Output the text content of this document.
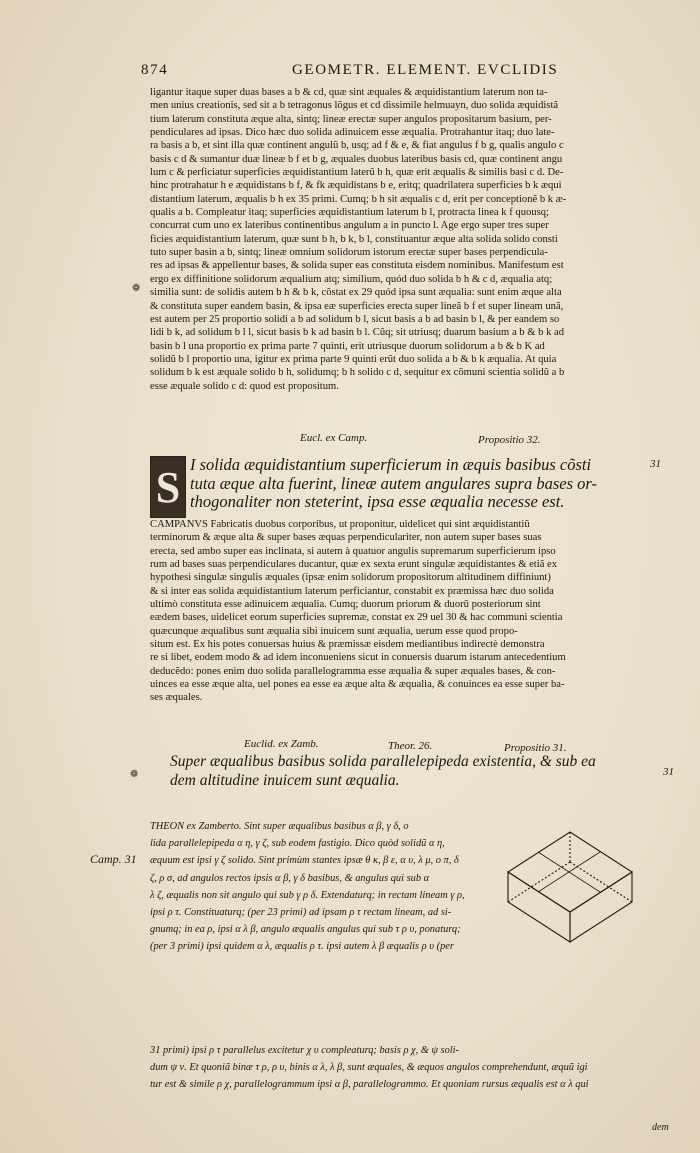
874	GEOMETR. ELEMENT. EVCLIDIS
ligantur itaque super duas bases a b & cd, quæ sint æquales & æquidistantium laterum non ta-
men unius creationis, sed sit a b tetragonus lõgus et cd dissimile helmuayn, duo solida æquidistã
tium laterum constituta æque alta, sintq; lineæ erectæ super angulos propositarum basium, per-
pendiculares ad ipsas. Dico hæc duo solida adinuicem esse æqualia. Protrahantur itaq; duo late-
ra basis a b, et sint illa quæ continent angulũ b, usq; ad f & e, & fiat angulus f b g, qualis angulo c
basis c d & sumantur duæ lineæ b f et b g, æquales duobus lateribus basis cd, quæ continent angu
lum c & perficiatur superficies æquidistantium laterũ b h, quæ erit æqualis & similis basi c d. De-
hinc protrahatur h e æquidistans b f, & fk æquidistans b e, eritq; quadrilatera superficies b k æqui
distantium laterum, æqualis b h ex 35 primi. Cumq; b h sit æqualis c d, erit per conceptionẽ b k æ-
qualis a b. Compleatur itaq; superficies æquidistantium laterum b l, protracta linea k f quousq;
concurrat cum uno ex lateribus continentibus angulum a in puncto l. Age ergo super tres super
ficies æquidistantium laterum, quæ sunt b h, b k, b l, constituantur æque alta solida solido consti
tuto super basin a b, sintq; lineæ omnium solidorum istorum erectæ super bases perpendicula-
res ad ipsas & appellentur bases, & solida super eas constituta eisdem nominibus. Manifestum est
ergo ex diffinitione solidorum æqualium atq; similium, quód duo solida b h & c d, æqualia atq;
similia sunt: de solidis autem b h & b k, cõstat ex 29 quód ipsa sunt æqualia: sunt enim æque alta
& constituta super eandem basin, & ipsa eæ superficies erecta super lineã b f et super lineam unã,
est autem per 25 proportio solidi a b ad solidum b l, sicut basis a b ad basin b l, & per eandem so
lidi b k, ad solidum b l l, sicut basis b k ad basin b l. Cũq; sit utriusq; duarum basium a b & b k ad
basin b l una proportio ex prima parte 7 quinti, erit utriusque duorum solidorum a b & b K ad
solidũ b l proportio una, igitur ex prima parte 9 quinti erũt duo solida a b & b k æqualia. At quia
solidum b k est æquale solido b h, solidumq; b h solido c d, sequitur ex cõmuni scientia solidũ a b
esse æquale solido c d: quod est propositum.
❁
Eucl. ex Camp.	Propositio 32.
31
S I solida æquidistantium superficierum in æquis basibus cõsti
tuta æque alta fuerint, lineæ autem angulares supra bases or-
thogonaliter non steterint, ipsa esse æqualia necesse est.
CAMPANVS Fabricatis duobus corporibus, ut proponitur, uidelicet qui sint æquidistantiũ
terminorum & æque alta & super bases æquas perpendiculariter, non autem super bases suas
erecta, sed ambo super eas inclinata, si autem à quatuor angulis supremarum superficierum ipso
rum ad bases suas perpendiculares ducantur, quæ ex sexta erunt singulæ æquidistantes & etiã ex
hypothesi singulæ singulis æquales (ipsæ enim solidorum propositorum altitudinem diffiniunt)
& si inter eas solida æquidistantium laterum perficiantur, constabit ex præmissa hæc duo solida
ultimò constituta esse adinuicem æqualia. Cumq; duorum priorum & duorũ posteriorum sint
eædem bases, uidelicet eorum superficies supremæ, constat ex 29 uel 30 & hac communi scientia
quæcunque æqualibus sunt æqualia sibi inuicem sunt æqualia, uerum esse quod propo-
situm est. Ex his potes conuersas huius & præmissæ eisdem mediantibus indirectè demonstra
re si libet, eodem modo & ad idem inconueniens sicut in conuersis duarum istarum antecedentium
deducẽdo: pones enim duo solida parallelogramma esse æqualia & super æquales bases, & con-
uinces ea esse æque alta, uel pones ea esse ea æque alta & æqualia, & conuinces ea esse super ba-
ses æquales.
Euclid. ex Zamb.	Theor. 26.	Propositio 31.
❁
Super æqualibus basibus solida parallelepipeda existentia, & sub ea
dem altitudine inuicem sunt æqualia.	31
Camp. 31
THEON ex Zamberto. Sint super æqualibus basibus α β, γ δ, o
lida parallelepipeda α η, γ ζ, sub eodem fastigio. Dico quòd solidũ α η,
æquum est ipsi γ ζ solido. Sint primùm stantes ipsæ θ κ, β ε, α υ, λ μ, ο π, δ
ζ, ρ σ, ad angulos rectos ipsis α β, γ δ basibus, & angulus qui sub α
λ ζ, æqualis non sit angulo qui sub γ ρ δ. Extendaturq; in rectam lineam γ ρ,
ipsi ρ τ. Constituaturq; (per 23 primi) ad ipsam ρ τ rectam lineam, ad si-
gnumq; in ea ρ, ipsi α λ β, angulo æqualis angulus qui sub τ ρ υ, ponaturq;
(per 3 primi) ipsi quidem α λ, æqualis ρ τ. ipsi autem λ β æqualis ρ υ (per
31 primi) ipsi ρ τ parallelus excitetur χ υ compleaturq; basis ρ χ, & ψ soli-
dum ψ ν. Et quoniã binæ τ ρ, ρ υ, binis α λ, λ β, sunt æquales, & æquos angulos comprehendunt, æquũ igi
tur est & simile ρ χ, parallelogrammum ipsi α β, parallelogrammo. Et quoniam rursus æqualis est α λ qui
dem
